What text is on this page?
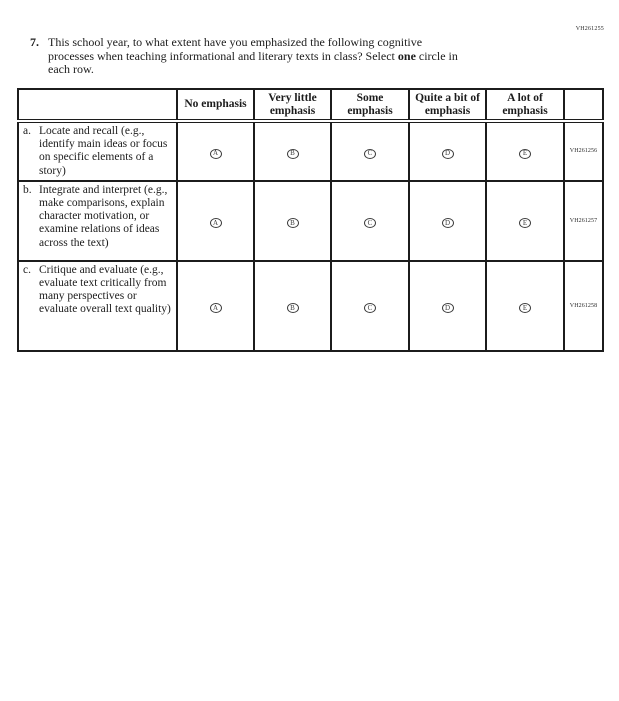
VH261255
7. This school year, to what extent have you emphasized the following cognitive
processes when teaching informational and literary texts in class? Select one circle in
each row.
	No emphasis	Very little emphasis	Some emphasis	Quite a bit of emphasis	A lot of emphasis	

a. Locate and recall (e.g., identify main ideas or focus on specific elements of a story)	A	B	C	D	E	VH261256

b. Integrate and interpret (e.g., make comparisons, explain character motivation, or examine relations of ideas across the text)	A	B	C	D	E	VH261257

c. Critique and evaluate (e.g., evaluate text critically from many perspectives or evaluate overall text quality)	A	B	C	D	E	VH261258
